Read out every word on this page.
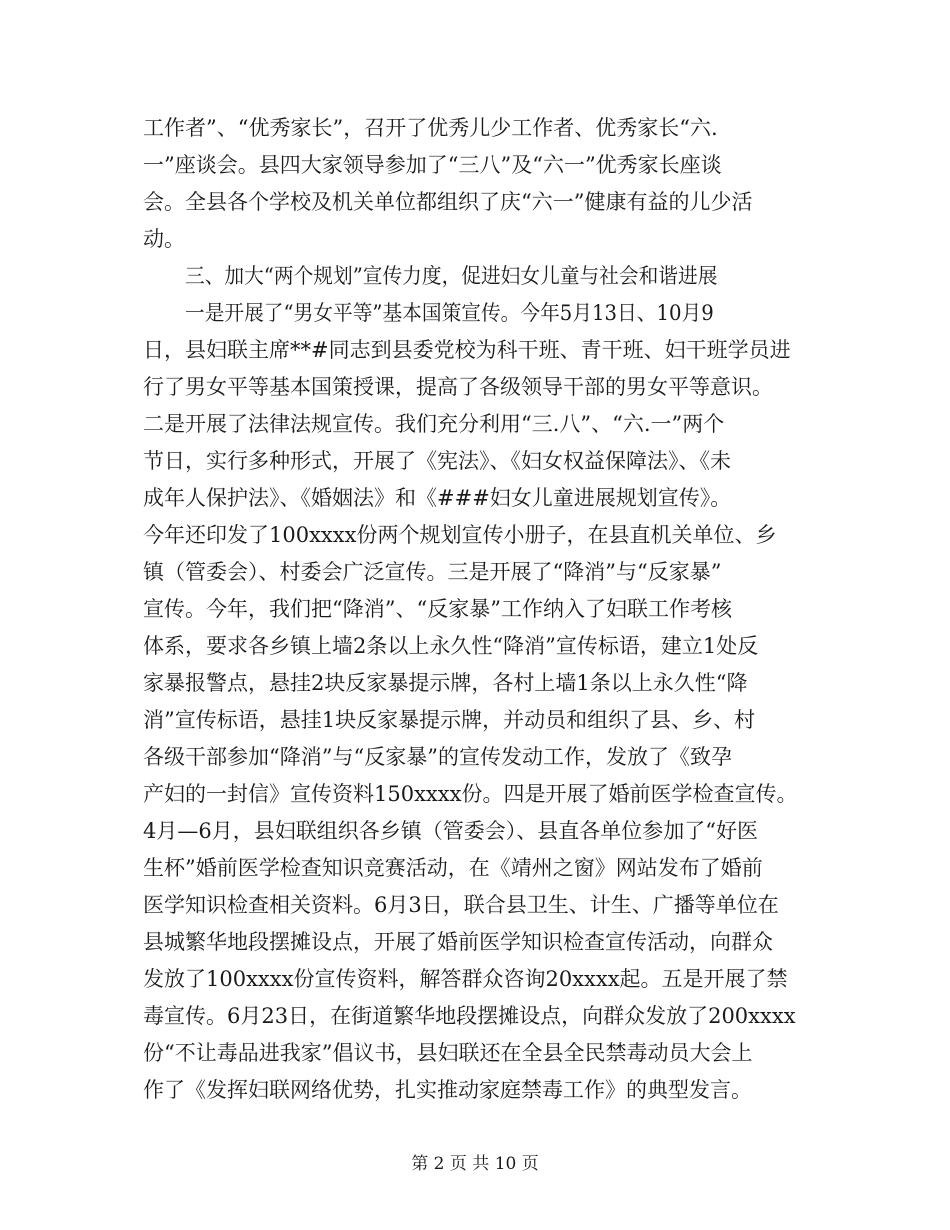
工作者”、“优秀家长”，召开了优秀儿少工作者、优秀家长“六.
一”座谈会。县四大家领导参加了“三八”及“六一”优秀家长座谈
会。全县各个学校及机关单位都组织了庆“六一”健康有益的儿少活
动。
三、加大“两个规划”宣传力度，促进妇女儿童与社会和谐进展
一是开展了“男女平等”基本国策宣传。今年5月13日、10月9
日，县妇联主席**#同志到县委党校为科干班、青干班、妇干班学员进
行了男女平等基本国策授课，提高了各级领导干部的男女平等意识。
二是开展了法律法规宣传。我们充分利用“三.八”、“六.一”两个
节日，实行多种形式，开展了《宪法》、《妇女权益保障法》、《未
成年人保护法》、《婚姻法》和《###妇女儿童进展规划宣传》。
今年还印发了100xxxx份两个规划宣传小册子，在县直机关单位、乡
镇（管委会）、村委会广泛宣传。三是开展了“降消”与“反家暴”
宣传。今年，我们把“降消”、“反家暴”工作纳入了妇联工作考核
体系，要求各乡镇上墙2条以上永久性“降消”宣传标语，建立1处反
家暴报警点，悬挂2块反家暴提示牌，各村上墙1条以上永久性“降
消”宣传标语，悬挂1块反家暴提示牌，并动员和组织了县、乡、村
各级干部参加“降消”与“反家暴”的宣传发动工作，发放了《致孕
产妇的一封信》宣传资料150xxxx份。四是开展了婚前医学检查宣传。
4月—6月，县妇联组织各乡镇（管委会）、县直各单位参加了“好医
生杯”婚前医学检查知识竞赛活动，在《靖州之窗》网站发布了婚前
医学知识检查相关资料。6月3日，联合县卫生、计生、广播等单位在
县城繁华地段摆摊设点，开展了婚前医学知识检查宣传活动，向群众
发放了100xxxx份宣传资料，解答群众咨询20xxxx起。五是开展了禁
毒宣传。6月23日，在街道繁华地段摆摊设点，向群众发放了200xxxx
份“不让毒品进我家”倡议书，县妇联还在全县全民禁毒动员大会上
作了《发挥妇联网络优势，扎实推动家庭禁毒工作》的典型发言。
第 2 页 共 10 页
